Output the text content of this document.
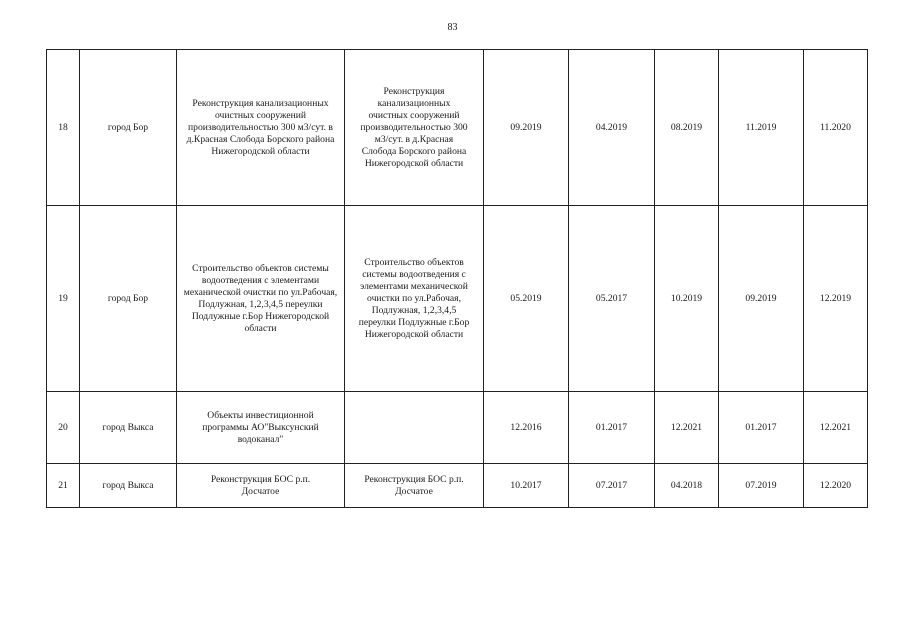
83
18	город Бор	Реконструкция канализационных очистных сооружений производительностью 300 м3/сут. в д.Красная Слобода Борского района Нижегородской области	Реконструкция канализационных очистных сооружений производительностью 300 м3/сут. в д.Красная Слобода Борского района Нижегородской области	09.2019	04.2019	08.2019	11.2019	11.2020
19	город Бор	Строительство объектов системы водоотведения с элементами механической очистки по ул.Рабочая, Подлужная, 1,2,3,4,5 переулки Подлужные г.Бор Нижегородской области	Строительство объектов системы водоотведения с элементами механической очистки по ул.Рабочая, Подлужная, 1,2,3,4,5 переулки Подлужные г.Бор Нижегородской области	05.2019	05.2017	10.2019	09.2019	12.2019
20	город Выкса	Объекты инвестиционной программы АО"Выксунский водоканал"		12.2016	01.2017	12.2021	01.2017	12.2021
21	город Выкса	Реконструкция БОС р.п. Досчатое	Реконструкция БОС р.п. Досчатое	10.2017	07.2017	04.2018	07.2019	12.2020
